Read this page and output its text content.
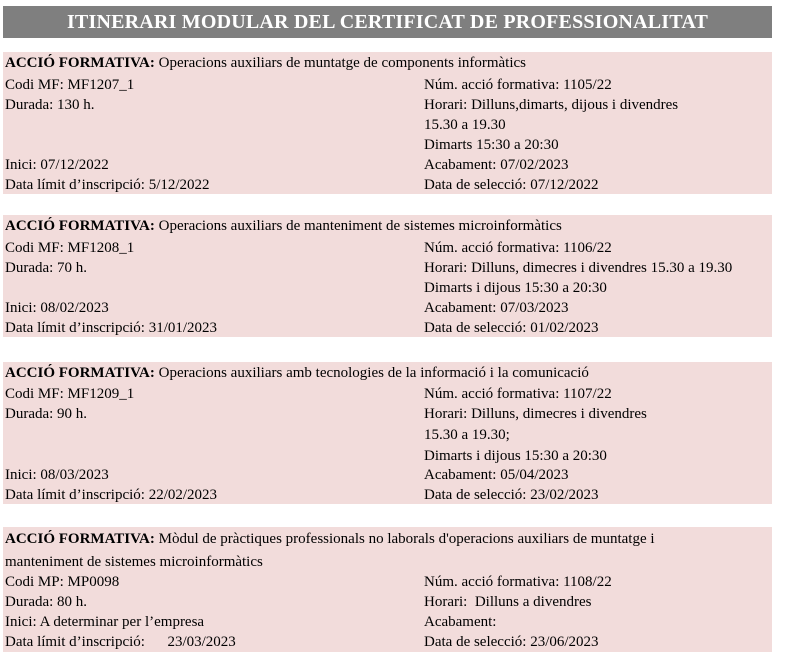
ITINERARI MODULAR DEL CERTIFICAT DE PROFESSIONALITAT
ACCIÓ FORMATIVA: Operacions auxiliars de muntatge de components informàtics
Codi MF: MF1207_1
Durada: 130 h.
Inici: 07/12/2022
Data límit d’inscripció: 5/12/2022
Núm. acció formativa: 1105/22
Horari: Dilluns,dimarts, dijous i divendres
15.30 a 19.30
Dimarts 15:30 a 20:30
Acabament: 07/02/2023
Data de selecció: 07/12/2022
ACCIÓ FORMATIVA: Operacions auxiliars de manteniment de sistemes microinformàtics
Codi MF: MF1208_1
Durada: 70 h.
Inici: 08/02/2023
Data límit d’inscripció: 31/01/2023
Núm. acció formativa: 1106/22
Horari: Dilluns, dimecres i divendres 15.30 a 19.30
Dimarts i dijous 15:30 a 20:30
Acabament: 07/03/2023
Data de selecció: 01/02/2023
ACCIÓ FORMATIVA: Operacions auxiliars amb tecnologies de la informació i la comunicació
Codi MF: MF1209_1
Durada: 90 h.
Inici: 08/03/2023
Data límit d’inscripció: 22/02/2023
Núm. acció formativa: 1107/22
Horari: Dilluns, dimecres i divendres
15.30 a 19.30;
Dimarts i dijous 15:30 a 20:30
Acabament: 05/04/2023
Data de selecció: 23/02/2023
ACCIÓ FORMATIVA: Mòdul de pràctiques professionals no laborals d'operacions auxiliars de muntatge i
manteniment de sistemes microinformàtics
Codi MP: MP0098
Durada: 80 h.
Inici: A determinar per l’empresa
Data límit d’inscripció:      23/03/2023
Núm. acció formativa: 1108/22
Horari:  Dilluns a divendres
Acabament:
Data de selecció: 23/06/2023
